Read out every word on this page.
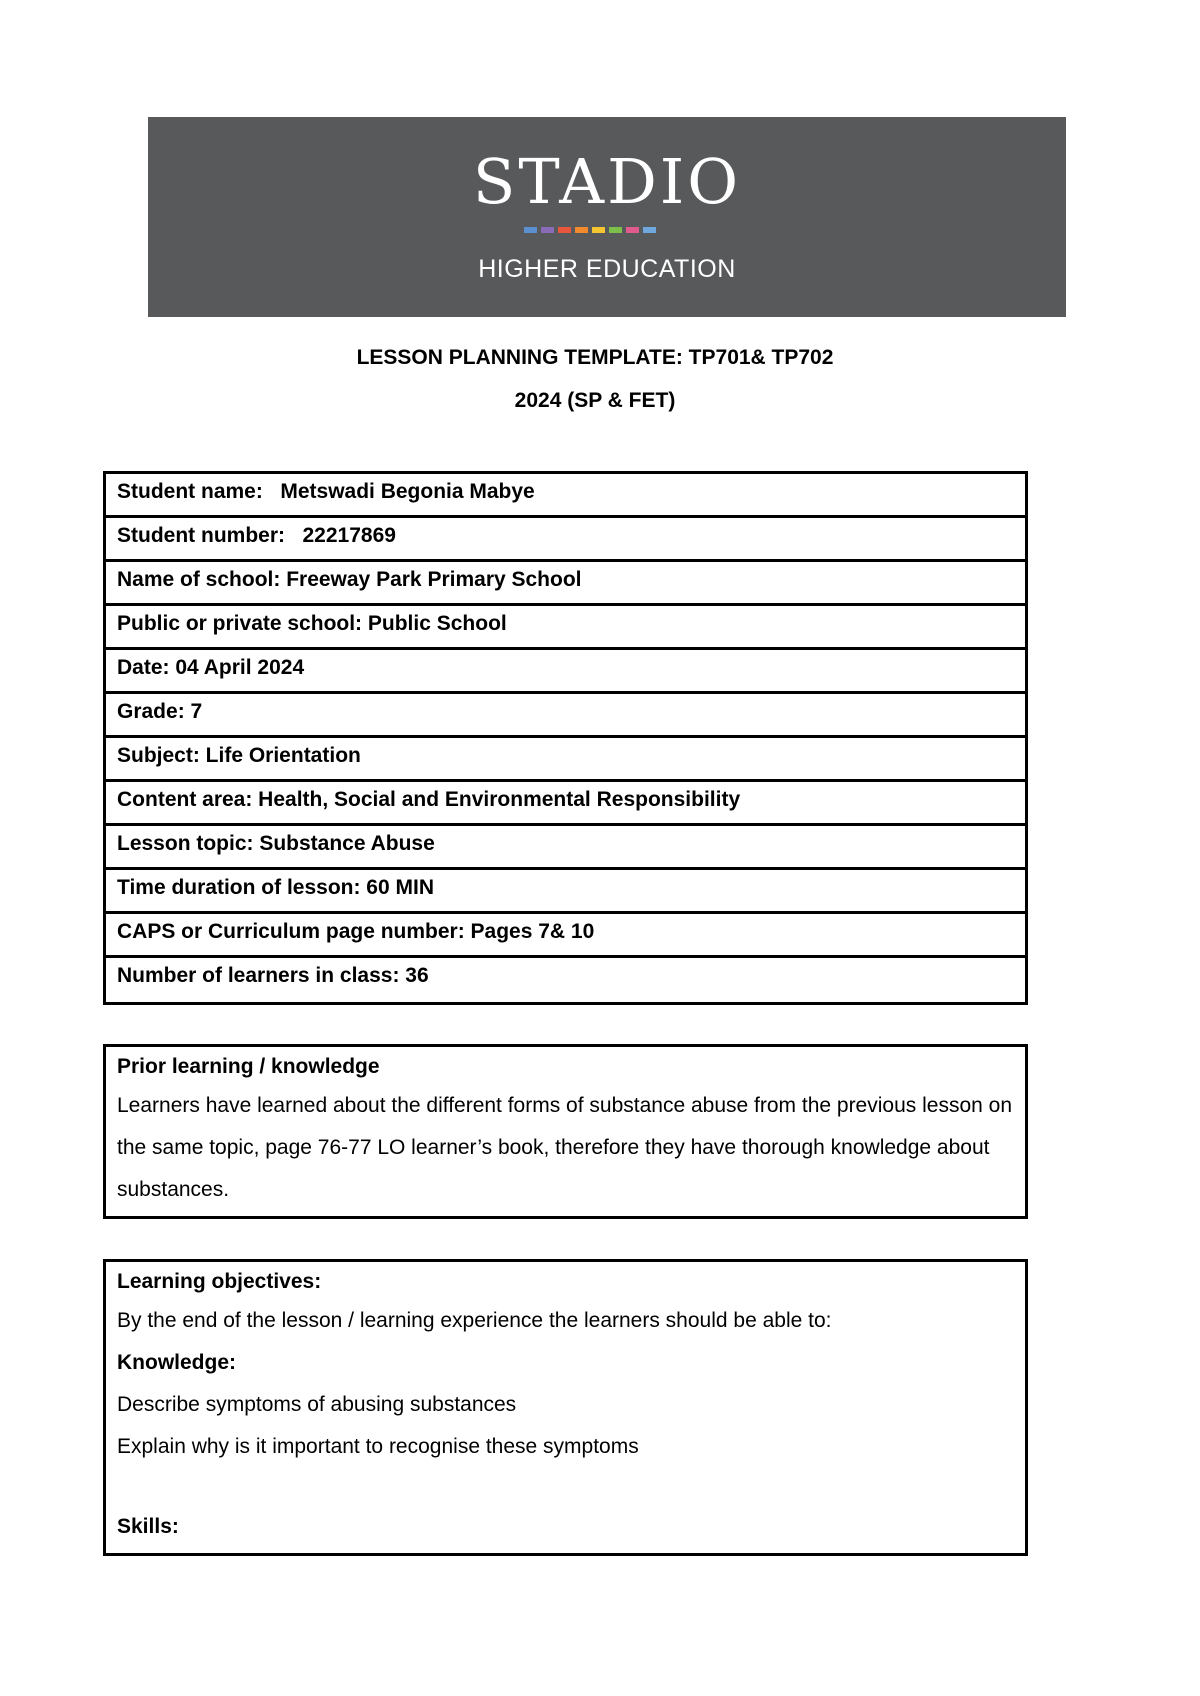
STADIO
HIGHER EDUCATION
LESSON PLANNING TEMPLATE: TP701& TP702
2024 (SP & FET)
Student name:   Metswadi Begonia Mabye
Student number:   22217869
Name of school: Freeway Park Primary School
Public or private school: Public School
Date: 04 April 2024
Grade: 7
Subject: Life Orientation
Content area: Health, Social and Environmental Responsibility
Lesson topic: Substance Abuse
Time duration of lesson: 60 MIN
CAPS or Curriculum page number: Pages 7& 10
Number of learners in class: 36
Prior learning / knowledge
Learners have learned about the different forms of substance abuse from the previous lesson on the same topic, page 76-77 LO learner’s book, therefore they have thorough knowledge about substances.
Learning objectives:
By the end of the lesson / learning experience the learners should be able to:
Knowledge:
Describe symptoms of abusing substances
Explain why is it important to recognise these symptoms
Skills:
